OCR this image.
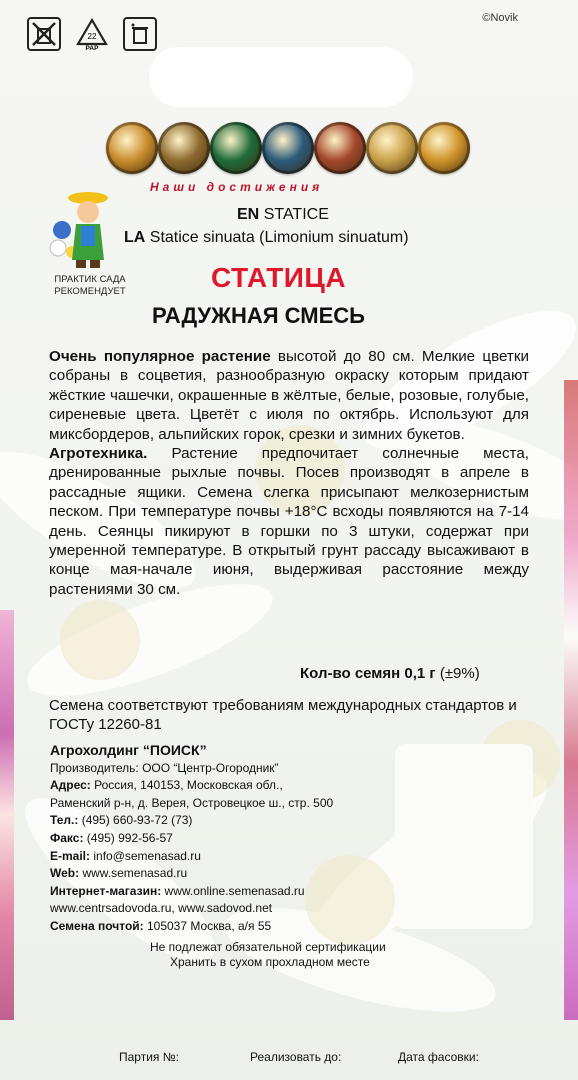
22
PAP
©Novik
Наши достижения
ПРАКТИК САДА
РЕКОМЕНДУЕТ
EN STATICE
LA Statice sinuata (Limonium sinuatum)
СТАТИЦА
РАДУЖНАЯ СМЕСЬ

Очень популярное растение высотой до 80 см. Мелкие цветки собраны в соцветия, разнообразную окраску которым придают жёсткие чашечки, окрашенные в жёлтые, белые, розовые, голубые, сиреневые цвета. Цветёт с июля по октябрь. Используют для миксбордеров, альпийских горок, срезки и зимних букетов.

Агротехника. Растение предпочитает солнечные места, дренированные рыхлые почвы. Посев производят в апреле в рассадные ящики. Семена слегка присыпают мелкозернистым песком. При температуре почвы +18°С всходы появляются на 7-14 день. Сеянцы пикируют в горшки по 3 штуки, содержат при умеренной температуре. В открытый грунт рассаду высаживают в конце мая-начале июня, выдерживая расстояние между растениями 30 см.

Кол-во семян 0,1 г (±9%)
Семена соответствуют требованиям международных стандартов и ГОСТу 12260-81
Агрохолдинг “ПОИСК”
Производитель: ООО “Центр-Огородник”
Адрес: Россия, 140153, Московская обл.,
Раменский р-н, д. Верея, Островецкое ш., стр. 500
Тел.: (495) 660-93-72 (73)
Факс: (495) 992-56-57
E-mail: info@semenasad.ru
Web: www.semenasad.ru
Интернет-магазин: www.online.semenasad.ru
www.centrsadovoda.ru, www.sadovod.net
Семена почтой: 105037 Москва, а/я 55
Не подлежат обязательной сертификации
Хранить в сухом прохладном месте
Партия №:	Реализовать до:	Дата фасовки:
